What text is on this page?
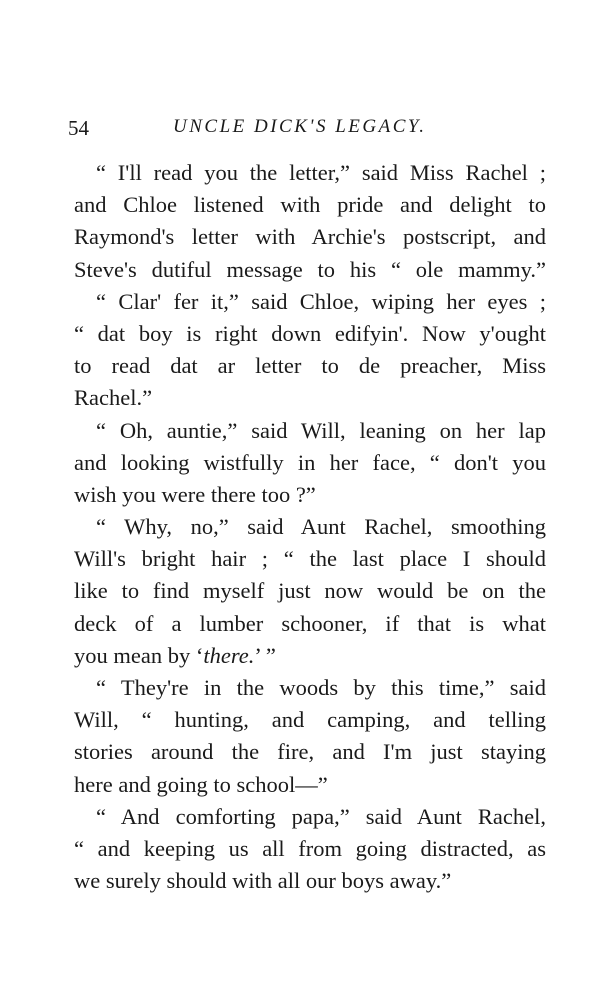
54	UNCLE DICK'S LEGACY.
“ I'll read you the letter,” said Miss Rachel ;
and Chloe listened with pride and delight to
Raymond's letter with Archie's postscript, and
Steve's dutiful message to his “ ole mammy.”
“ Clar' fer it,” said Chloe, wiping her eyes ;
“ dat boy is right down edifyin'. Now y'ought
to read dat ar letter to de preacher, Miss
Rachel.”
“ Oh, auntie,” said Will, leaning on her lap
and looking wistfully in her face, “ don't you
wish you were there too ?”
“ Why, no,” said Aunt Rachel, smoothing
Will's bright hair ; “ the last place I should
like to find myself just now would be on the
deck of a lumber schooner, if that is what
you mean by ‘there.’ ”
“ They're in the woods by this time,” said
Will, “ hunting, and camping, and telling
stories around the fire, and I'm just staying
here and going to school—”
“ And comforting papa,” said Aunt Rachel,
“ and keeping us all from going distracted, as
we surely should with all our boys away.”
